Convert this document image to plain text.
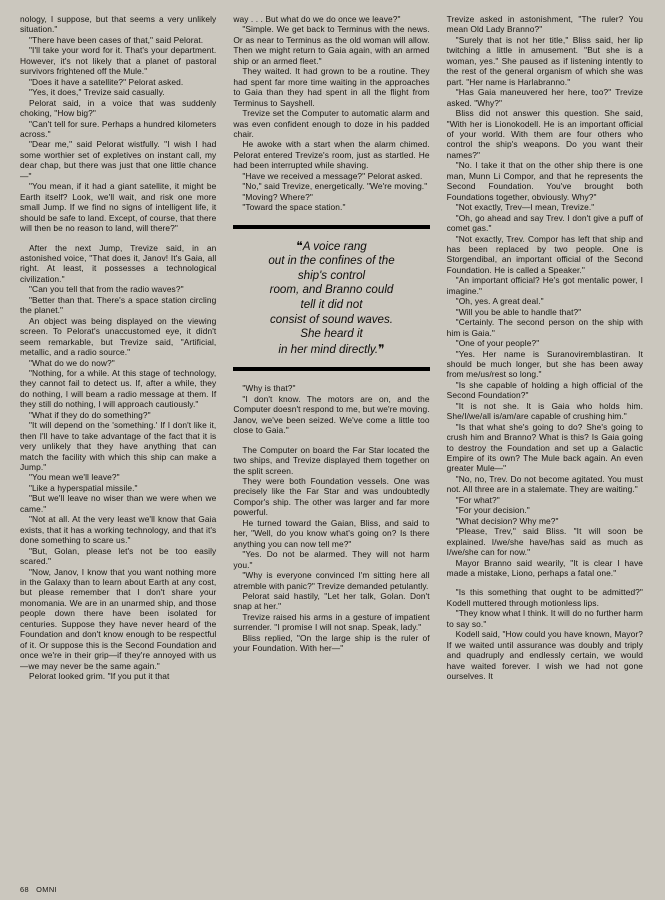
nology, I suppose, but that seems a very unlikely situation."

"There have been cases of that," said Pelorat.

"I'll take your word for it. That's your department. However, it's not likely that a planet of pastoral survivors frightened off the Mule."

"Does it have a satellite?" Pelorat asked.

"Yes, it does," Trevize said casually.

Pelorat said, in a voice that was suddenly choking, "How big?"

"Can't tell for sure. Perhaps a hundred kilometers across."

"Dear me," said Pelorat wistfully. "I wish I had some worthier set of expletives on instant call, my dear chap, but there was just that one little chance—"

"You mean, if it had a giant satellite, it might be Earth itself? Look, we'll wait, and risk one more small Jump. If we find no signs of intelligent life, it should be safe to land. Except, of course, that there will then be no reason to land, will there?"

After the next Jump, Trevize said, in an astonished voice, "That does it, Janov! It's Gaia, all right. At least, it possesses a technological civilization."

"Can you tell that from the radio waves?"

"Better than that. There's a space station circling the planet."

An object was being displayed on the viewing screen. To Pelorat's unaccustomed eye, it didn't seem remarkable, but Trevize said, "Artificial, metallic, and a radio source."

"What do we do now?"

"Nothing, for a while. At this stage of technology, they cannot fail to detect us. If, after a while, they do nothing, I will beam a radio message at them. If they still do nothing, I will approach cautiously."

"What if they do do something?"

"It will depend on the 'something.' If I don't like it, then I'll have to take advantage of the fact that it is very unlikely that they have anything that can match the facility with which this ship can make a Jump."

"You mean we'll leave?"

"Like a hyperspatial missile."

"But we'll leave no wiser than we were when we came."

"Not at all. At the very least we'll know that Gaia exists, that it has a working technology, and that it's done something to scare us."

"But, Golan, please let's not be too easily scared."

"Now, Janov, I know that you want nothing more in the Galaxy than to learn about Earth at any cost, but please remember that I don't share your monomania. We are in an unarmed ship, and those people down there have been isolated for centuries. Suppose they have never heard of the Foundation and don't know enough to be respectful of it. Or suppose this is the Second Foundation and once we're in their grip—if they're annoyed with us—we may never be the same again."

Pelorat looked grim. "If you put it that

way . . . But what do we do once we leave?"

"Simple. We get back to Terminus with the news. Or as near to Terminus as the old woman will allow. Then we might return to Gaia again, with an armed ship or an armed fleet."

They waited. It had grown to be a routine. They had spent far more time waiting in the approaches to Gaia than they had spent in all the flight from Terminus to Sayshell.

Trevize set the Computer to automatic alarm and was even confident enough to doze in his padded chair.

He awoke with a start when the alarm chimed. Pelorat entered Trevize's room, just as startled. He had been interrupted while shaving.

"Have we received a message?" Pelorat asked.

"No," said Trevize, energetically. "We're moving."

"Moving? Where?"

"Toward the space station."

❝A voice rang
out in the confines of the
ship's control
room, and Branno could
tell it did not
consist of sound waves.
She heard it
in her mind directly.❞

"Why is that?"

"I don't know. The motors are on, and the Computer doesn't respond to me, but we're moving. Janov, we've been seized. We've come a little too close to Gaia."

The Computer on board the Far Star located the two ships, and Trevize displayed them together on the split screen.

They were both Foundation vessels. One was precisely like the Far Star and was undoubtedly Compor's ship. The other was larger and far more powerful.

He turned toward the Gaian, Bliss, and said to her, "Well, do you know what's going on? Is there anything you can now tell me?"

"Yes. Do not be alarmed. They will not harm you."

"Why is everyone convinced I'm sitting here all atremble with panic?" Trevize demanded petulantly.

Pelorat said hastily, "Let her talk, Golan. Don't snap at her."

Trevize raised his arms in a gesture of impatient surrender. "I promise I will not snap. Speak, lady."

Bliss replied, "On the large ship is the ruler of your Foundation. With her—"

Trevize asked in astonishment, "The ruler? You mean Old Lady Branno?"

"Surely that is not her title," Bliss said, her lip twitching a little in amusement. "But she is a woman, yes." She paused as if listening intently to the rest of the general organism of which she was part. "Her name is Harlabranno."

"Has Gaia maneuvered her here, too?" Trevize asked. "Why?"

Bliss did not answer this question. She said, "With her is Lionokodell. He is an important official of your world. With them are four others who control the ship's weapons. Do you want their names?"

"No. I take it that on the other ship there is one man, Munn Li Compor, and that he represents the Second Foundation. You've brought both Foundations together, obviously. Why?"

"Not exactly, Trev—I mean, Trevize."

"Oh, go ahead and say Trev. I don't give a puff of comet gas."

"Not exactly, Trev. Compor has left that ship and has been replaced by two people. One is Storgendibal, an important official of the Second Foundation. He is called a Speaker."

"An important official? He's got mentalic power, I imagine."

"Oh, yes. A great deal."

"Will you be able to handle that?"

"Certainly. The second person on the ship with him is Gaia."

"One of your people?"

"Yes. Her name is SuranovirembIastiran. It should be much longer, but she has been away from me/us/rest so long."

"Is she capable of holding a high official of the Second Foundation?"

"It is not she. It is Gaia who holds him. She/I/we/all is/am/are capable of crushing him."

"Is that what she's going to do? She's going to crush him and Branno? What is this? Is Gaia going to destroy the Foundation and set up a Galactic Empire of its own? The Mule back again. An even greater Mule—"

"No, no, Trev. Do not become agitated. You must not. All three are in a stalemate. They are waiting."

"For what?"

"For your decision."

"What decision? Why me?"

"Please, Trev," said Bliss. "It will soon be explained. I/we/she have/has said as much as I/we/she can for now."

Mayor Branno said wearily, "It is clear I have made a mistake, Liono, perhaps a fatal one."

"Is this something that ought to be admitted?" Kodell muttered through motionless lips.

"They know what I think. It will do no further harm to say so."

Kodell said, "How could you have known, Mayor? If we waited until assurance was doubly and triply and quadruply and endlessly certain, we would have waited forever. I wish we had not gone ourselves. It

68 OMNI
